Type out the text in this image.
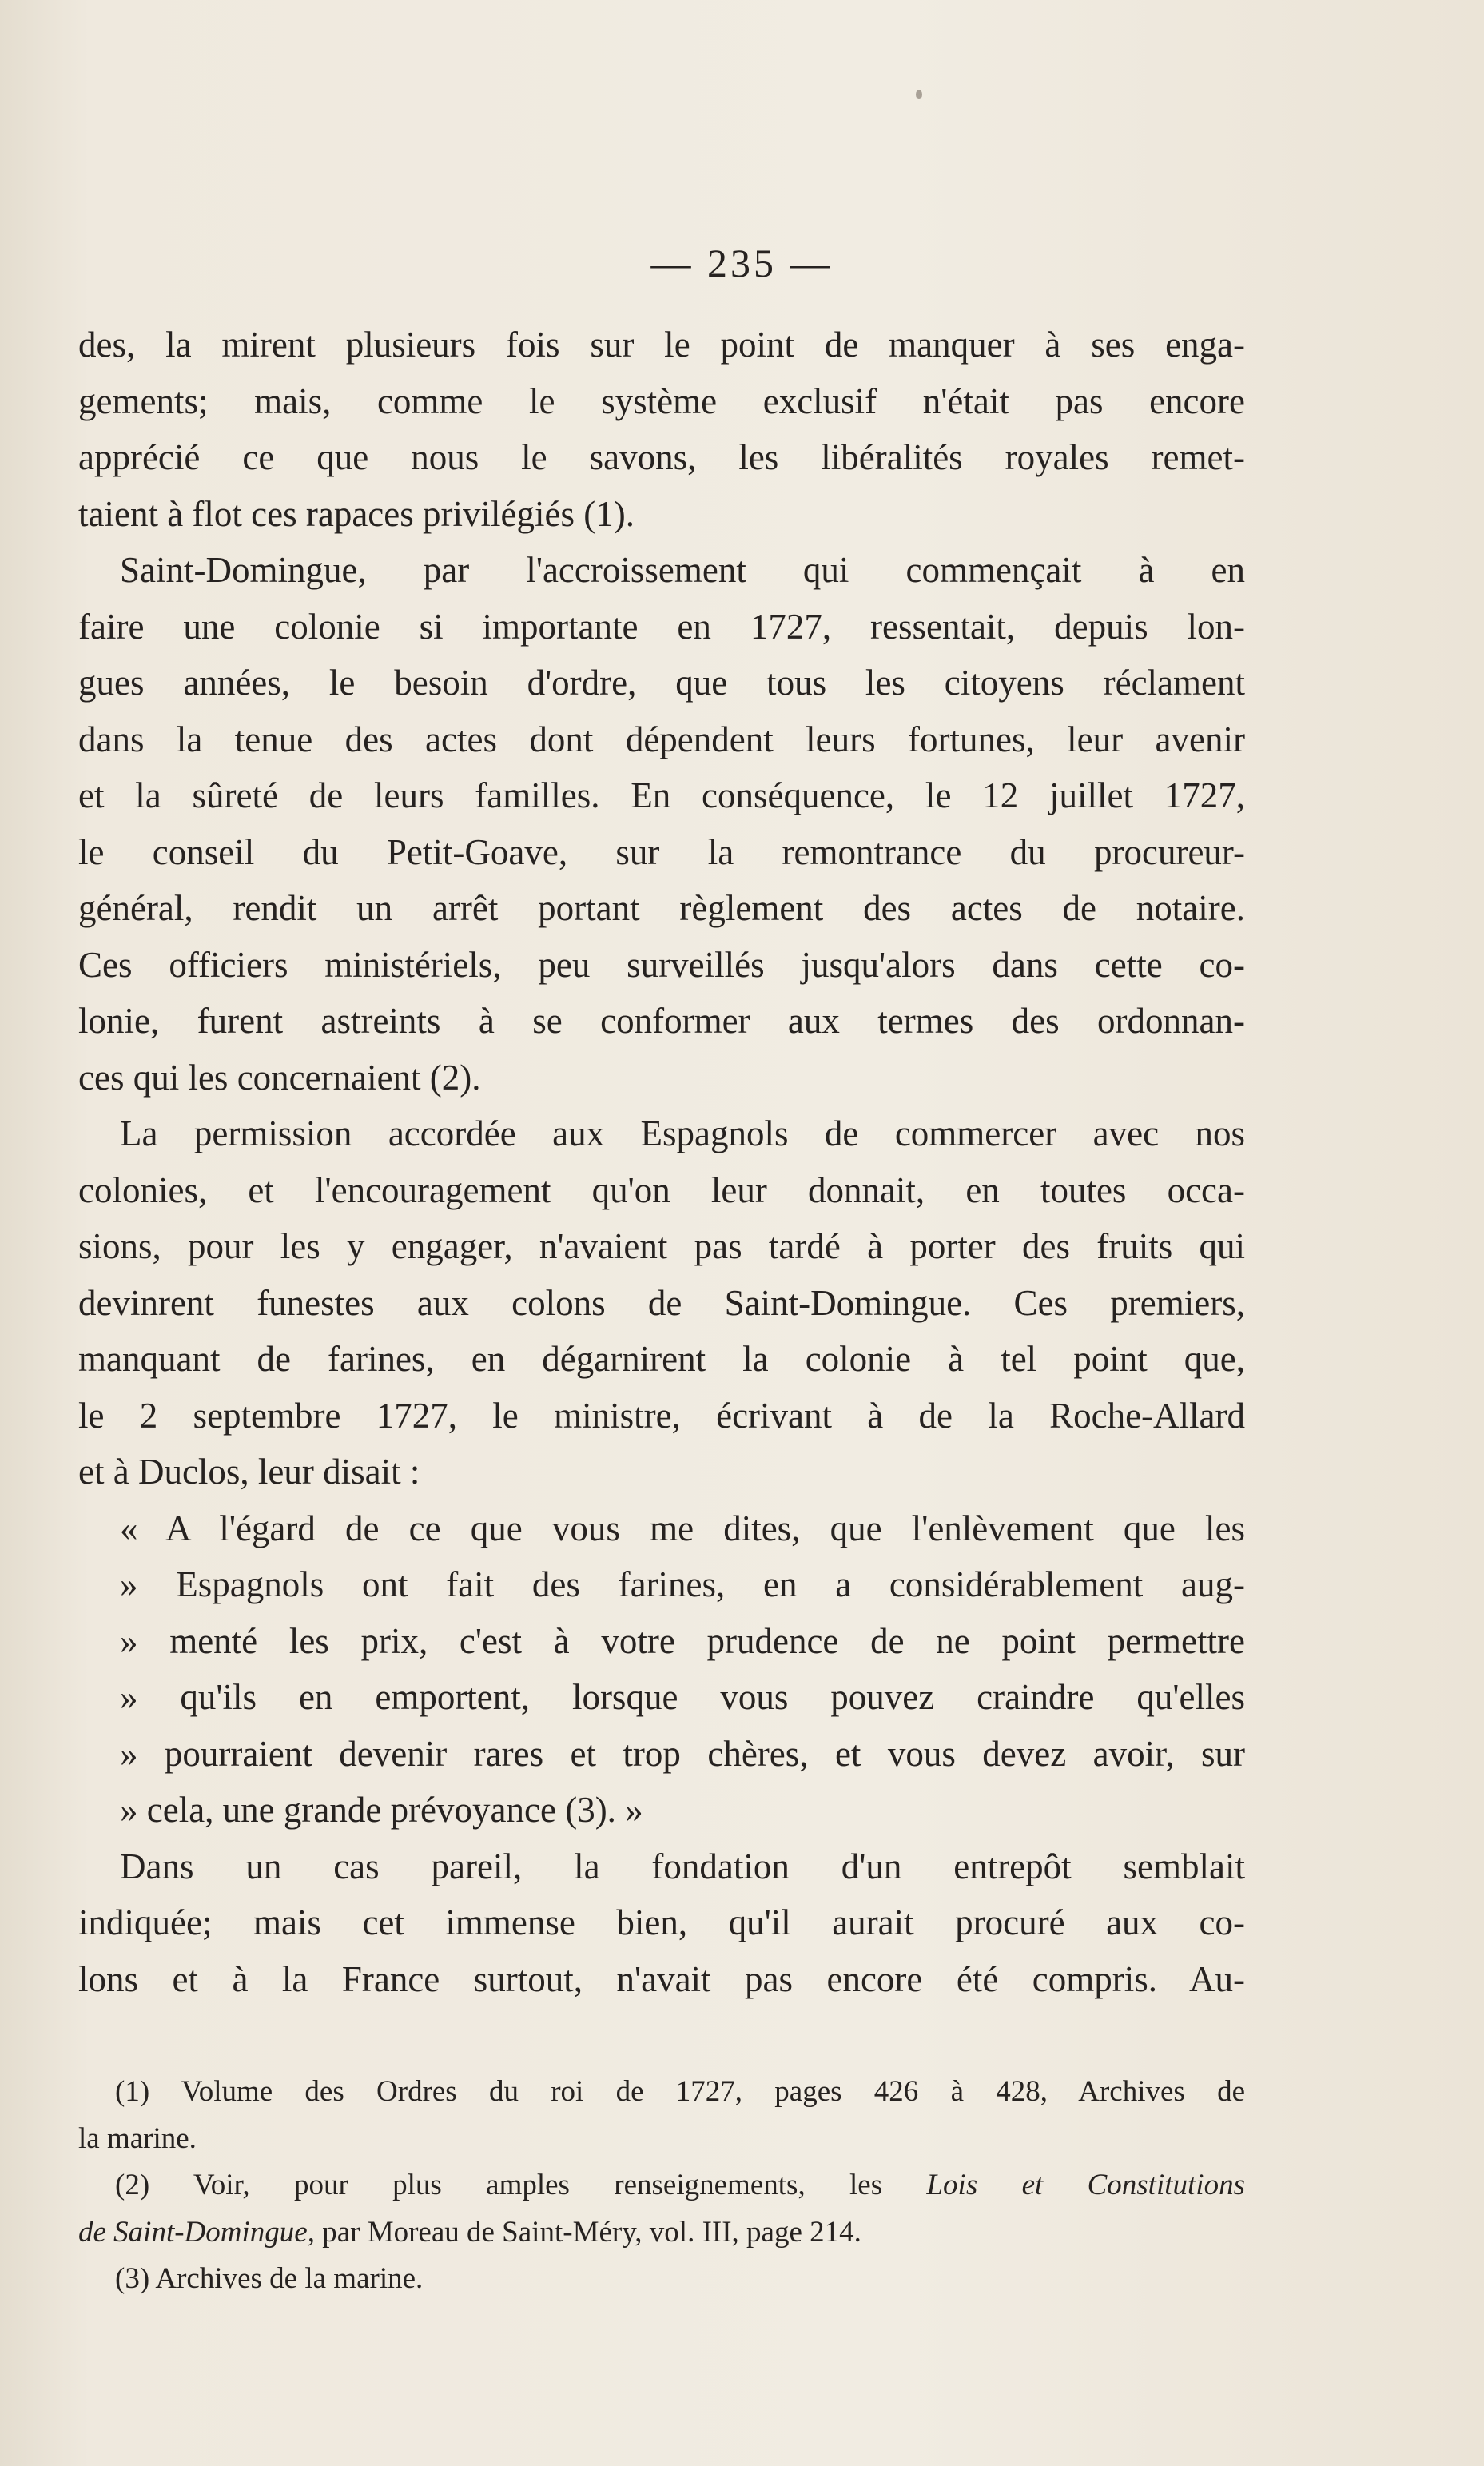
— 235 —
des, la mirent plusieurs fois sur le point de manquer à ses enga-
gements; mais, comme le système exclusif n'était pas encore
apprécié ce que nous le savons, les libéralités royales remet-
taient à flot ces rapaces privilégiés (1).
Saint-Domingue, par l'accroissement qui commençait à en
faire une colonie si importante en 1727, ressentait, depuis lon-
gues années, le besoin d'ordre, que tous les citoyens réclament
dans la tenue des actes dont dépendent leurs fortunes, leur avenir
et la sûreté de leurs familles. En conséquence, le 12 juillet 1727,
le conseil du Petit-Goave, sur la remontrance du procureur-
général, rendit un arrêt portant règlement des actes de notaire.
Ces officiers ministériels, peu surveillés jusqu'alors dans cette co-
lonie, furent astreints à se conformer aux termes des ordonnan-
ces qui les concernaient (2).
La permission accordée aux Espagnols de commercer avec nos
colonies, et l'encouragement qu'on leur donnait, en toutes occa-
sions, pour les y engager, n'avaient pas tardé à porter des fruits qui
devinrent funestes aux colons de Saint-Domingue. Ces premiers,
manquant de farines, en dégarnirent la colonie à tel point que,
le 2 septembre 1727, le ministre, écrivant à de la Roche-Allard
et à Duclos, leur disait :
« A l'égard de ce que vous me dites, que l'enlèvement que les
» Espagnols ont fait des farines, en a considérablement aug-
» menté les prix, c'est à votre prudence de ne point permettre
» qu'ils en emportent, lorsque vous pouvez craindre qu'elles
» pourraient devenir rares et trop chères, et vous devez avoir, sur
» cela, une grande prévoyance (3). »
Dans un cas pareil, la fondation d'un entrepôt semblait
indiquée; mais cet immense bien, qu'il aurait procuré aux co-
lons et à la France surtout, n'avait pas encore été compris. Au-
(1) Volume des Ordres du roi de 1727, pages 426 à 428, Archives de
la marine.
(2) Voir, pour plus amples renseignements, les Lois et Constitutions
de Saint-Domingue, par Moreau de Saint-Méry, vol. III, page 214.
(3) Archives de la marine.
